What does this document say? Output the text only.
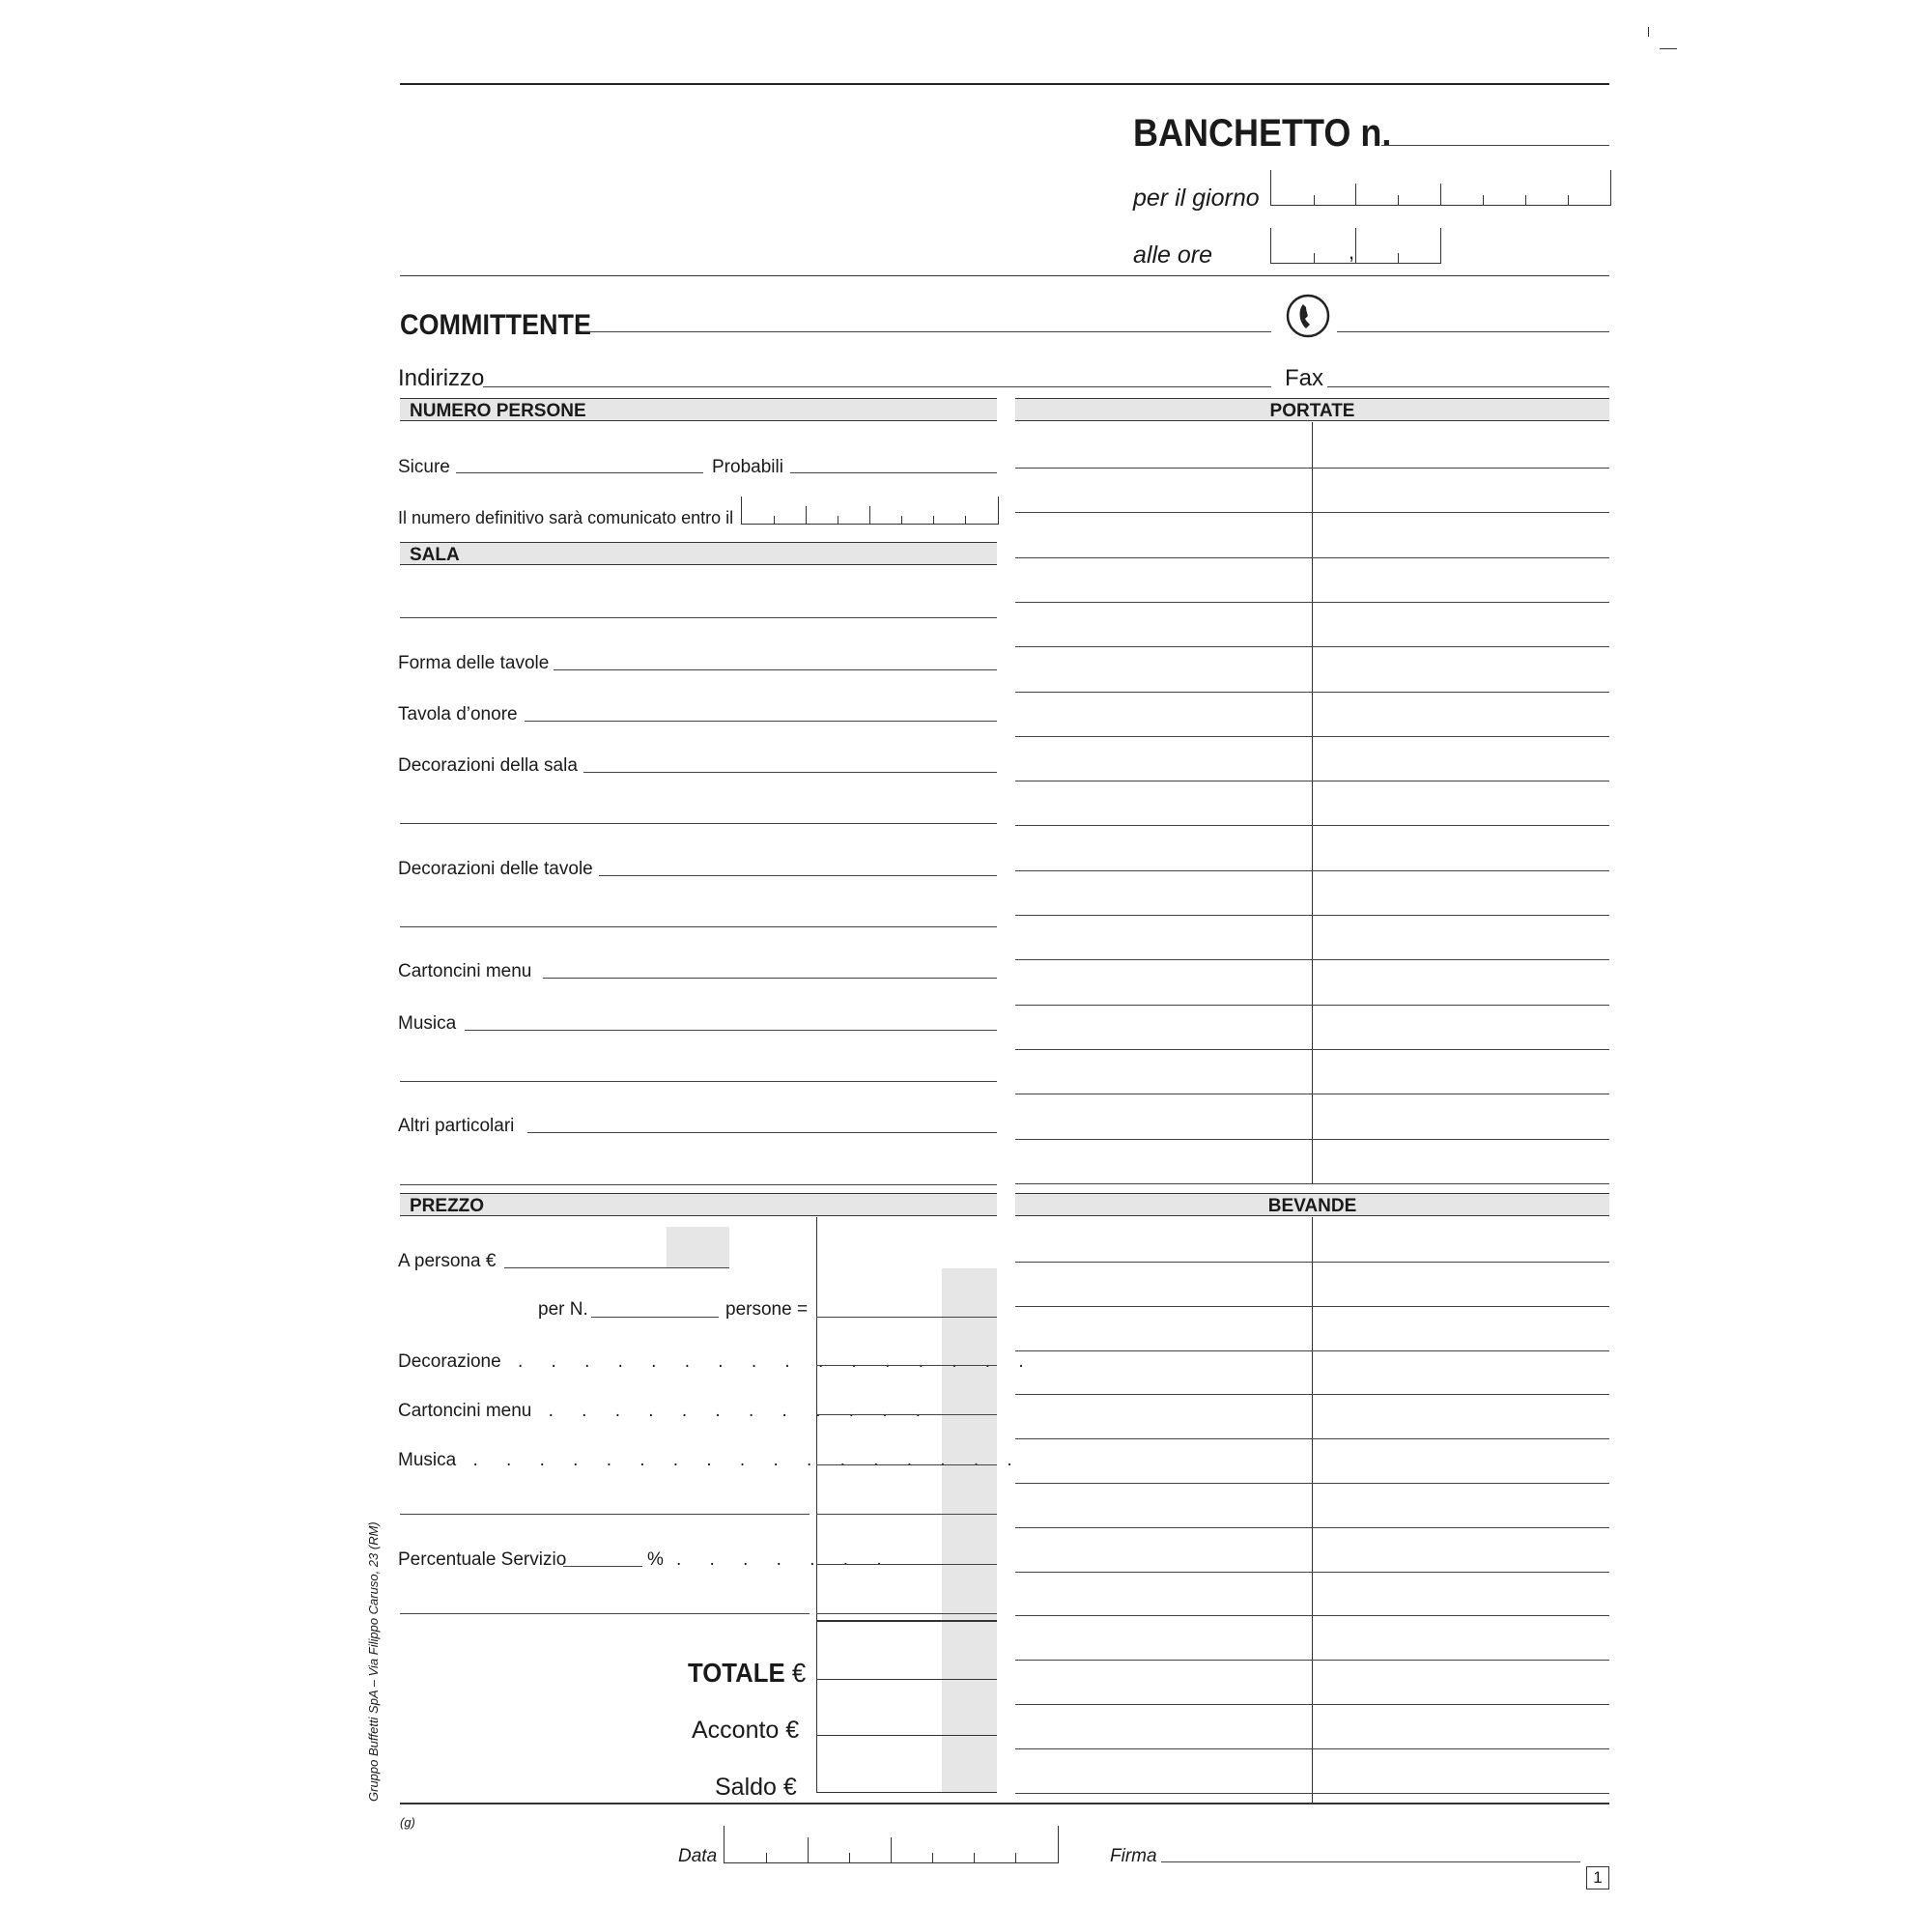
BANCHETTO n.
per il giorno
alle ore	,
COMMITTENTE
Indirizzo	Fax
NUMERO PERSONE
Sicure	Probabili
Il numero definitivo sarà comunicato entro il
SALA
Forma delle tavole
Tavola d’onore
Decorazioni della sala
Decorazioni delle tavole
Cartoncini menu
Musica
Altri particolari
PREZZO
A persona €
per N.	persone =
Decorazione . . . . . . . . . . . . . . . .
Cartoncini menu . . . . . . . . . . . .
Musica . . . . . . . . . . . . . . . . .
Percentuale Servizio	% . . . . . . .
TOTALE €
Acconto €
Saldo €
PORTATE
BEVANDE
Gruppo Buffetti SpA – Via Filippo Caruso, 23 (RM)
(g)
Data	Firma
1
